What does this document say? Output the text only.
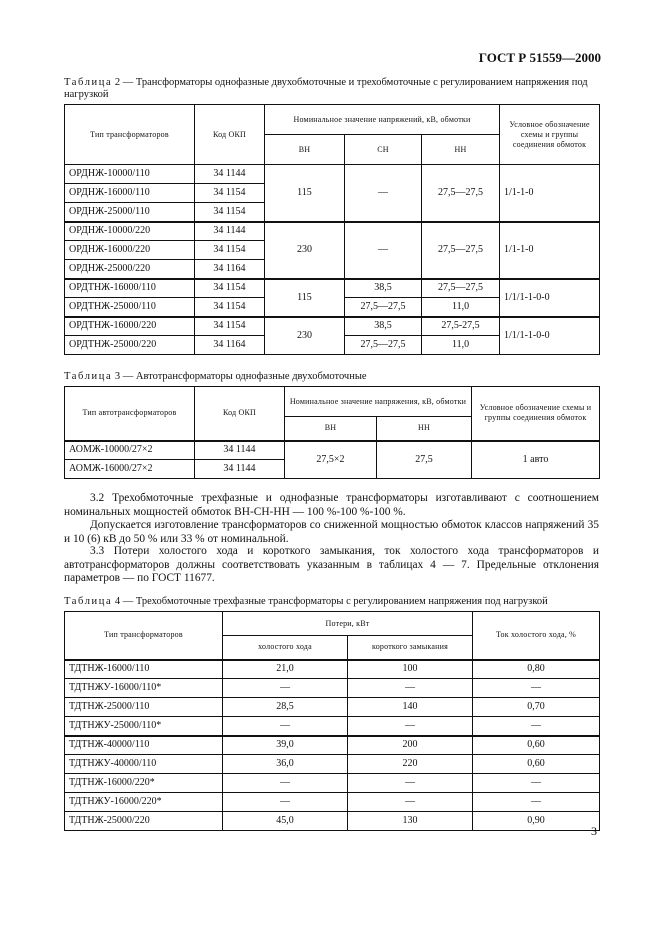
ГОСТ Р 51559—2000
Таблица 2 — Трансформаторы однофазные двухобмоточные и трехобмоточные с регулированием напряжения под нагрузкой
Тип трансформаторов	Код ОКП	Номинальное значение напряжений, кВ, обмотки			Условное обозначение схемы и группы соединения обмоток
		ВН	СН	НН	
ОРДНЖ-10000/110	34 1144	115	—	27,5—27,5	1/1-1-0
ОРДНЖ-16000/110	34 1154				
ОРДНЖ-25000/110	34 1154				
ОРДНЖ-10000/220	34 1144	230	—	27,5—27,5	1/1-1-0
ОРДНЖ-16000/220	34 1154				
ОРДНЖ-25000/220	34 1164				
ОРДТНЖ-16000/110	34 1154	115	38,5	27,5—27,5	1/1/1-1-0-0
ОРДТНЖ-25000/110	34 1154		27,5—27,5	11,0	
ОРДТНЖ-16000/220	34 1154	230	38,5	27,5-27,5	1/1/1-1-0-0
ОРДТНЖ-25000/220	34 1164		27,5—27,5	11,0	
Таблица 3 — Автотрансформаторы однофазные двухобмоточные
Тип автотрансформаторов	Код ОКП	Номинальное значение напряжения, кВ, обмотки		Условное обозначение схемы и группы соединения обмоток
		ВН	НН	
АОМЖ-10000/27×2	34 1144	27,5×2	27,5	1 авто
АОМЖ-16000/27×2	34 1144			
3.2 Трехобмоточные трехфазные и однофазные трансформаторы изготавливают с соотношением номинальных мощностей обмоток ВН-СН-НН — 100 %-100 %-100 %.
Допускается изготовление трансформаторов со сниженной мощностью обмоток классов напряжений 35 и 10 (6) кВ до 50 % или 33 % от номинальной.
3.3 Потери холостого хода и короткого замыкания, ток холостого хода трансформаторов и автотрансформаторов должны соответствовать указанным в таблицах 4 — 7. Предельные отклонения параметров — по ГОСТ 11677.
Таблица 4 — Трехобмоточные трехфазные трансформаторы с регулированием напряжения под нагрузкой
Тип трансформаторов	Потери, кВт		Ток холостого хода, %
	холостого хода	короткого замыкания	
ТДТНЖ-16000/110	21,0	100	0,80
ТДТНЖУ-16000/110*	—	—	—
ТДТНЖ-25000/110	28,5	140	0,70
ТДТНЖУ-25000/110*	—	—	—
ТДТНЖ-40000/110	39,0	200	0,60
ТДТНЖУ-40000/110	36,0	220	0,60
ТДТНЖ-16000/220*	—	—	—
ТДТНЖУ-16000/220*	—	—	—
ТДТНЖ-25000/220	45,0	130	0,90
3
